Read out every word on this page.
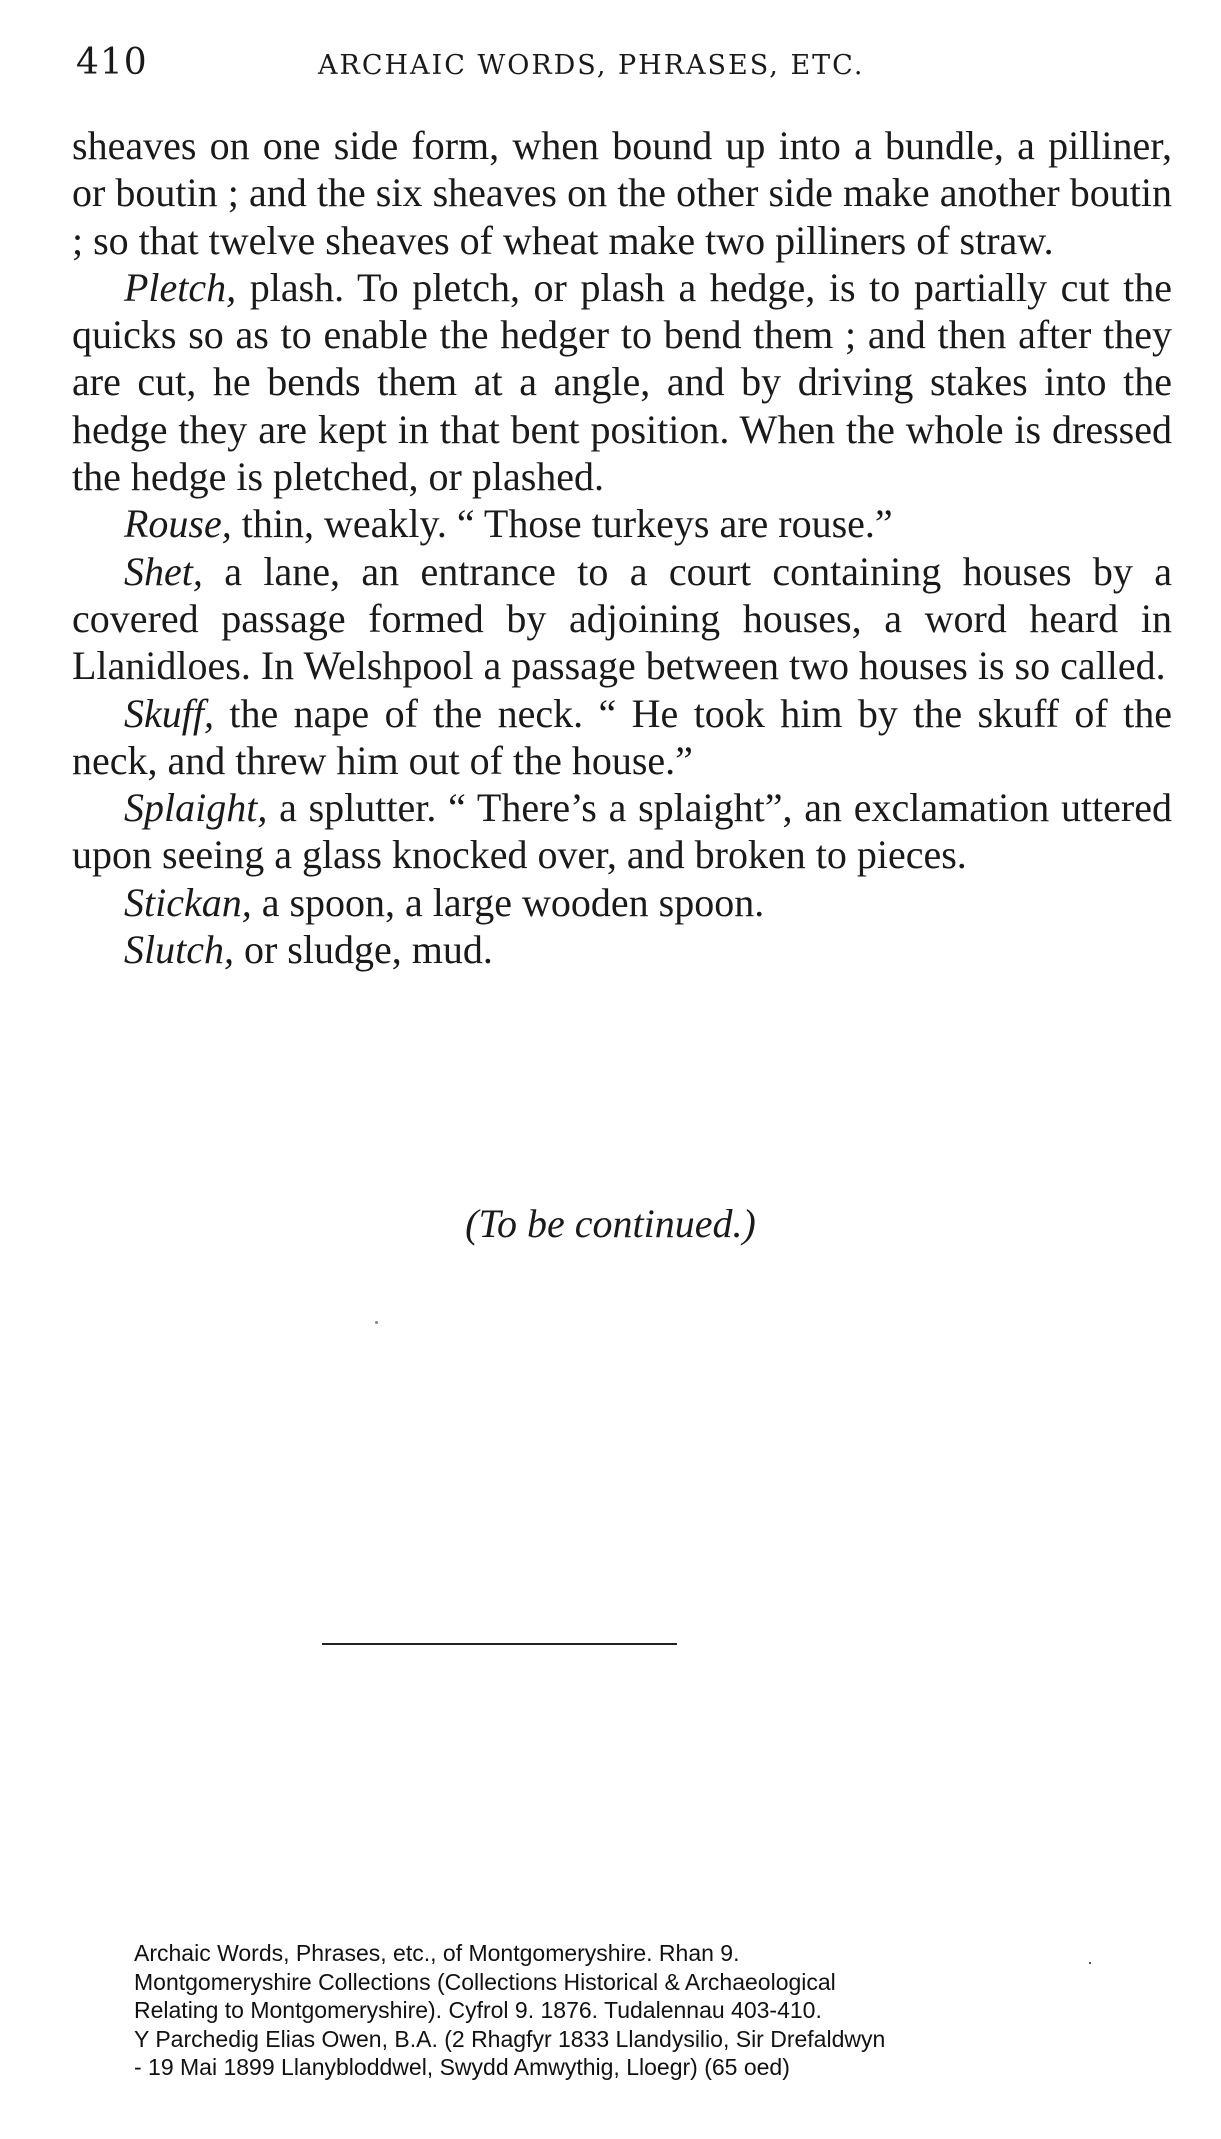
410	ARCHAIC WORDS, PHRASES, ETC.

sheaves on one side form, when bound up into a bundle, a pilliner, or boutin ; and the six sheaves on the other side make another boutin ; so that twelve sheaves of wheat make two pilliners of straw.

Pletch, plash. To pletch, or plash a hedge, is to partially cut the quicks so as to enable the hedger to bend them ; and then after they are cut, he bends them at a angle, and by driving stakes into the hedge they are kept in that bent position. When the whole is dressed the hedge is pletched, or plashed.

Rouse, thin, weakly. “ Those turkeys are rouse.”

Shet, a lane, an entrance to a court containing houses by a covered passage formed by adjoining houses, a word heard in Llanidloes. In Welshpool a passage between two houses is so called.

Skuff, the nape of the neck. “ He took him by the skuff of the neck, and threw him out of the house.”

Splaight, a splutter. “ There’s a splaight”, an exclamation uttered upon seeing a glass knocked over, and broken to pieces.

Stickan, a spoon, a large wooden spoon.

Slutch, or sludge, mud.

(To be continued.)
Archaic Words, Phrases, etc., of Montgomeryshire. Rhan 9.
Montgomeryshire Collections (Collections Historical & Archaeological
Relating to Montgomeryshire). Cyfrol 9. 1876. Tudalennau 403-410.
Y Parchedig Elias Owen, B.A. (2 Rhagfyr 1833 Llandysilio, Sir Drefaldwyn
- 19 Mai 1899 Llanybloddwel, Swydd Amwythig, Lloegr) (65 oed)
